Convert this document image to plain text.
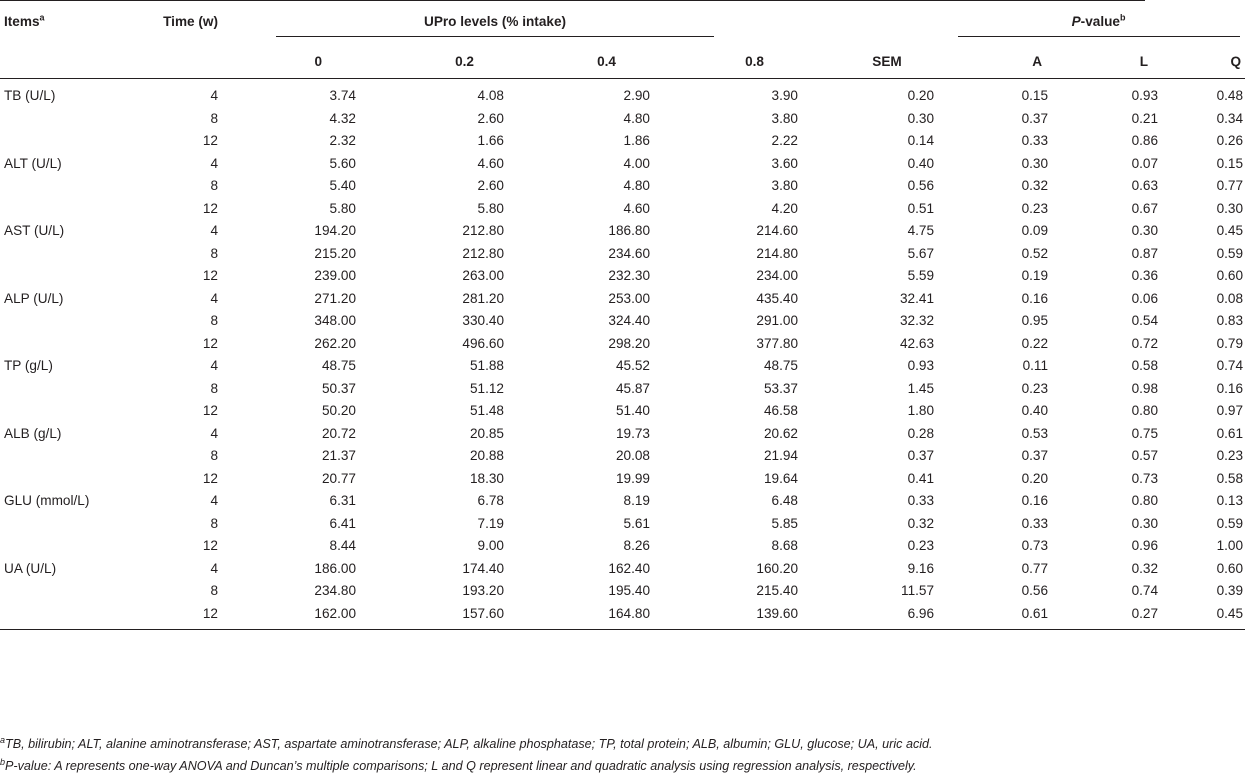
Items$^a$	Time (w)	UPro levels (% intake)					P-value$^b$
		0	0.2	0.4	0.8	SEM	A	L	Q
TB (U/L)	4	3.74	4.08	2.90	3.90	0.20	0.15	0.93	0.48
	8	4.32	2.60	4.80	3.80	0.30	0.37	0.21	0.34
	12	2.32	1.66	1.86	2.22	0.14	0.33	0.86	0.26
ALT (U/L)	4	5.60	4.60	4.00	3.60	0.40	0.30	0.07	0.15
	8	5.40	2.60	4.80	3.80	0.56	0.32	0.63	0.77
	12	5.80	5.80	4.60	4.20	0.51	0.23	0.67	0.30
AST (U/L)	4	194.20	212.80	186.80	214.60	4.75	0.09	0.30	0.45
	8	215.20	212.80	234.60	214.80	5.67	0.52	0.87	0.59
	12	239.00	263.00	232.30	234.00	5.59	0.19	0.36	0.60
ALP (U/L)	4	271.20	281.20	253.00	435.40	32.41	0.16	0.06	0.08
	8	348.00	330.40	324.40	291.00	32.32	0.95	0.54	0.83
	12	262.20	496.60	298.20	377.80	42.63	0.22	0.72	0.79
TP (g/L)	4	48.75	51.88	45.52	48.75	0.93	0.11	0.58	0.74
	8	50.37	51.12	45.87	53.37	1.45	0.23	0.98	0.16
	12	50.20	51.48	51.40	46.58	1.80	0.40	0.80	0.97
ALB (g/L)	4	20.72	20.85	19.73	20.62	0.28	0.53	0.75	0.61
	8	21.37	20.88	20.08	21.94	0.37	0.37	0.57	0.23
	12	20.77	18.30	19.99	19.64	0.41	0.20	0.73	0.58
GLU (mmol/L)	4	6.31	6.78	8.19	6.48	0.33	0.16	0.80	0.13
	8	6.41	7.19	5.61	5.85	0.32	0.33	0.30	0.59
	12	8.44	9.00	8.26	8.68	0.23	0.73	0.96	1.00
UA (U/L)	4	186.00	174.40	162.40	160.20	9.16	0.77	0.32	0.60
	8	234.80	193.20	195.40	215.40	11.57	0.56	0.74	0.39
	12	162.00	157.60	164.80	139.60	6.96	0.61	0.27	0.45
$^a$TB, bilirubin; ALT, alanine aminotransferase; AST, aspartate aminotransferase; ALP, alkaline phosphatase; TP, total protein; ALB, albumin; GLU, glucose; UA, uric acid.
$^b$P-value: A represents one-way ANOVA and Duncan’s multiple comparisons; L and Q represent linear and quadratic analysis using regression analysis, respectively.
